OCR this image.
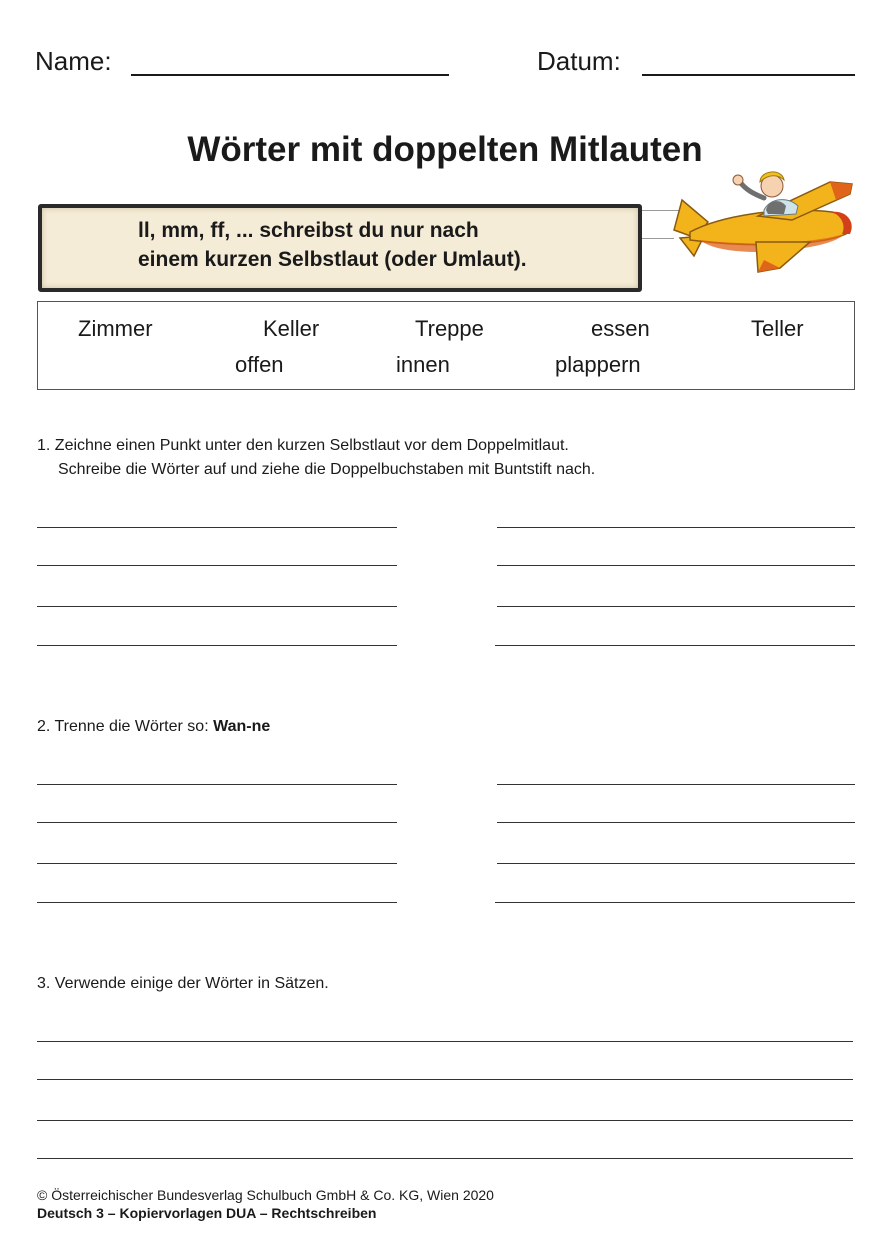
Name:	Datum:
Wörter mit doppelten Mitlauten
ll, mm, ff, ... schreibst du nur nach
einem kurzen Selbstlaut (oder Umlaut).
Zimmer	Keller	Treppe	essen	Teller
offen	innen	plappern
1. Zeichne einen Punkt unter den kurzen Selbstlaut vor dem Doppelmitlaut.
Schreibe die Wörter auf und ziehe die Doppelbuchstaben mit Buntstift nach.
2. Trenne die Wörter so: Wan-ne
3. Verwende einige der Wörter in Sätzen.
© Österreichischer Bundesverlag Schulbuch GmbH & Co. KG, Wien 2020
Deutsch 3 – Kopiervorlagen DUA – Rechtschreiben
